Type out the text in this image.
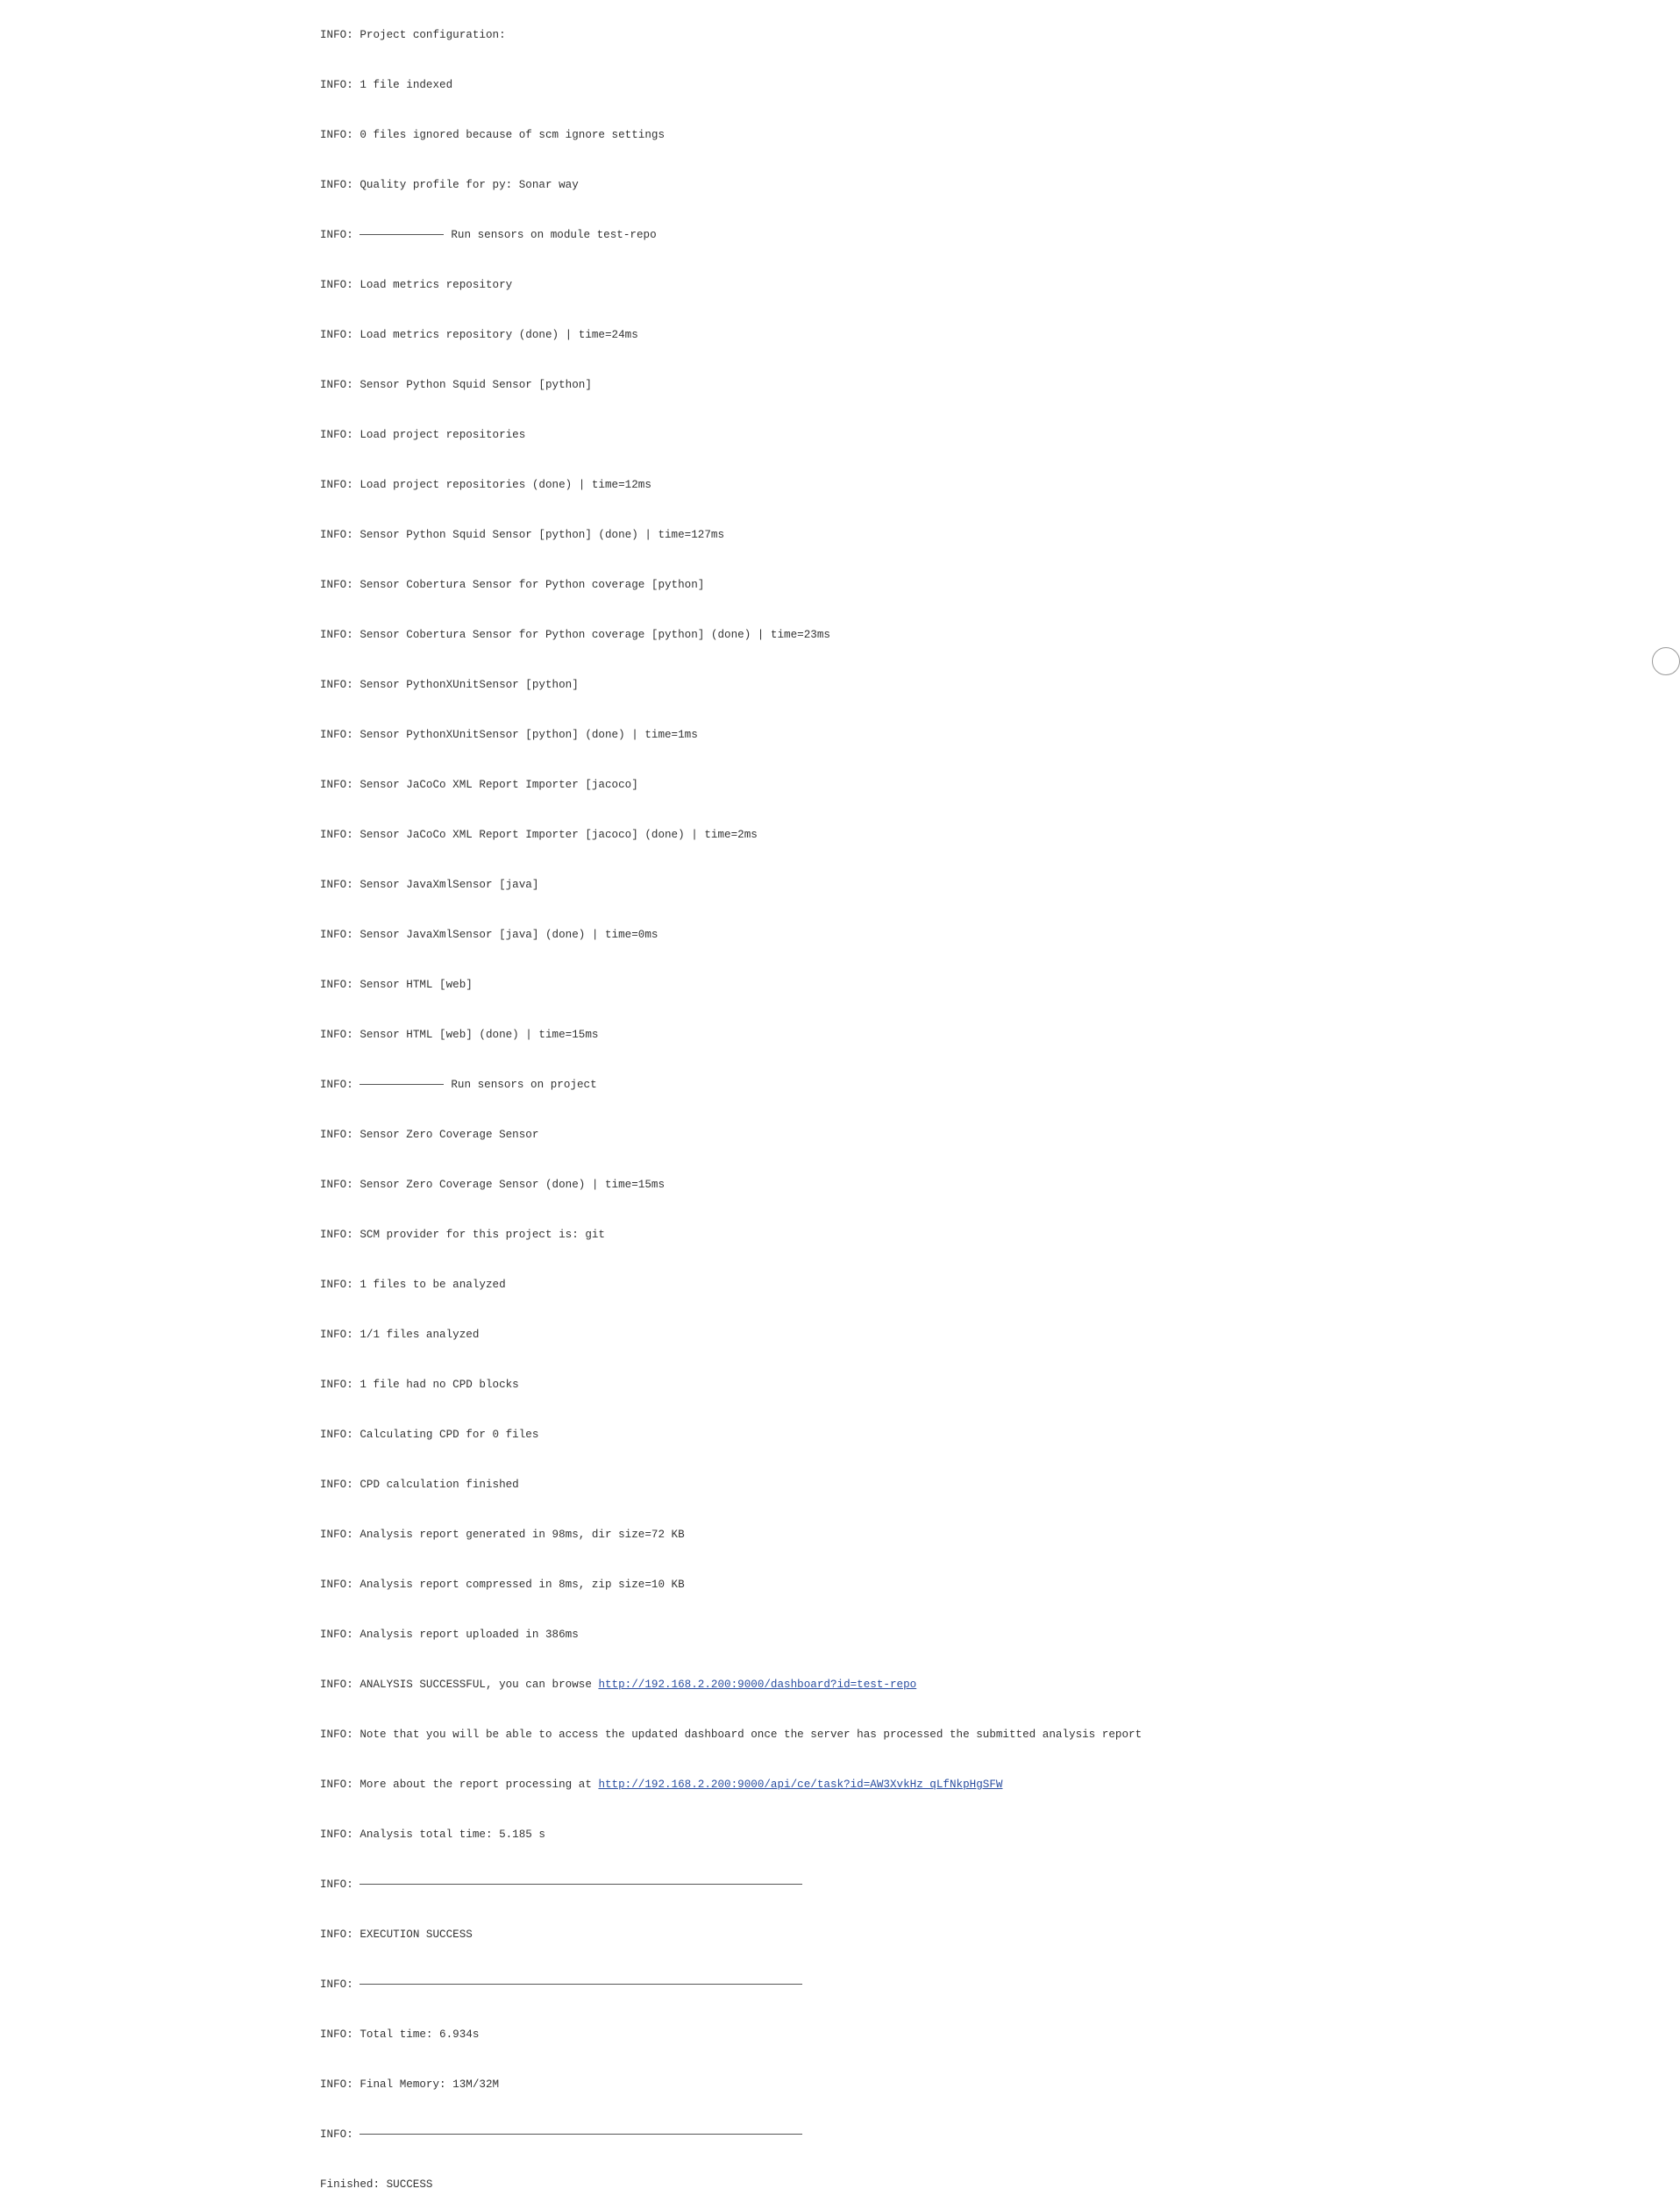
INFO: Project configuration:

INFO: 1 file indexed

INFO: 0 files ignored because of scm ignore settings

INFO: Quality profile for py: Sonar way

INFO:	Run sensors on module test-repo

INFO: Load metrics repository

INFO: Load metrics repository (done) | time=24ms

INFO: Sensor Python Squid Sensor [python]

INFO: Load project repositories

INFO: Load project repositories (done) | time=12ms

INFO: Sensor Python Squid Sensor [python] (done) | time=127ms

INFO: Sensor Cobertura Sensor for Python coverage [python]

INFO: Sensor Cobertura Sensor for Python coverage [python] (done) | time=23ms

INFO: Sensor PythonXUnitSensor [python]

INFO: Sensor PythonXUnitSensor [python] (done) | time=1ms

INFO: Sensor JaCoCo XML Report Importer [jacoco]

INFO: Sensor JaCoCo XML Report Importer [jacoco] (done) | time=2ms

INFO: Sensor JavaXmlSensor [java]

INFO: Sensor JavaXmlSensor [java] (done) | time=0ms

INFO: Sensor HTML [web]

INFO: Sensor HTML [web] (done) | time=15ms

INFO:	Run sensors on project

INFO: Sensor Zero Coverage Sensor

INFO: Sensor Zero Coverage Sensor (done) | time=15ms

INFO: SCM provider for this project is: git

INFO: 1 files to be analyzed

INFO: 1/1 files analyzed

INFO: 1 file had no CPD blocks

INFO: Calculating CPD for 0 files

INFO: CPD calculation finished

INFO: Analysis report generated in 98ms, dir size=72 KB

INFO: Analysis report compressed in 8ms, zip size=10 KB

INFO: Analysis report uploaded in 386ms

INFO: ANALYSIS SUCCESSFUL, you can browse http://192.168.2.200:9000/dashboard?id=test-repo

INFO: Note that you will be able to access the updated dashboard once the server has processed the submitted analysis report

INFO: More about the report processing at http://192.168.2.200:9000/api/ce/task?id=AW3XvkHz_qLfNkpHgSFW

INFO: Analysis total time: 5.185 s

INFO:

INFO: EXECUTION SUCCESS

INFO:

INFO: Total time: 6.934s

INFO: Final Memory: 13M/32M

INFO:

Finished: SUCCESS
